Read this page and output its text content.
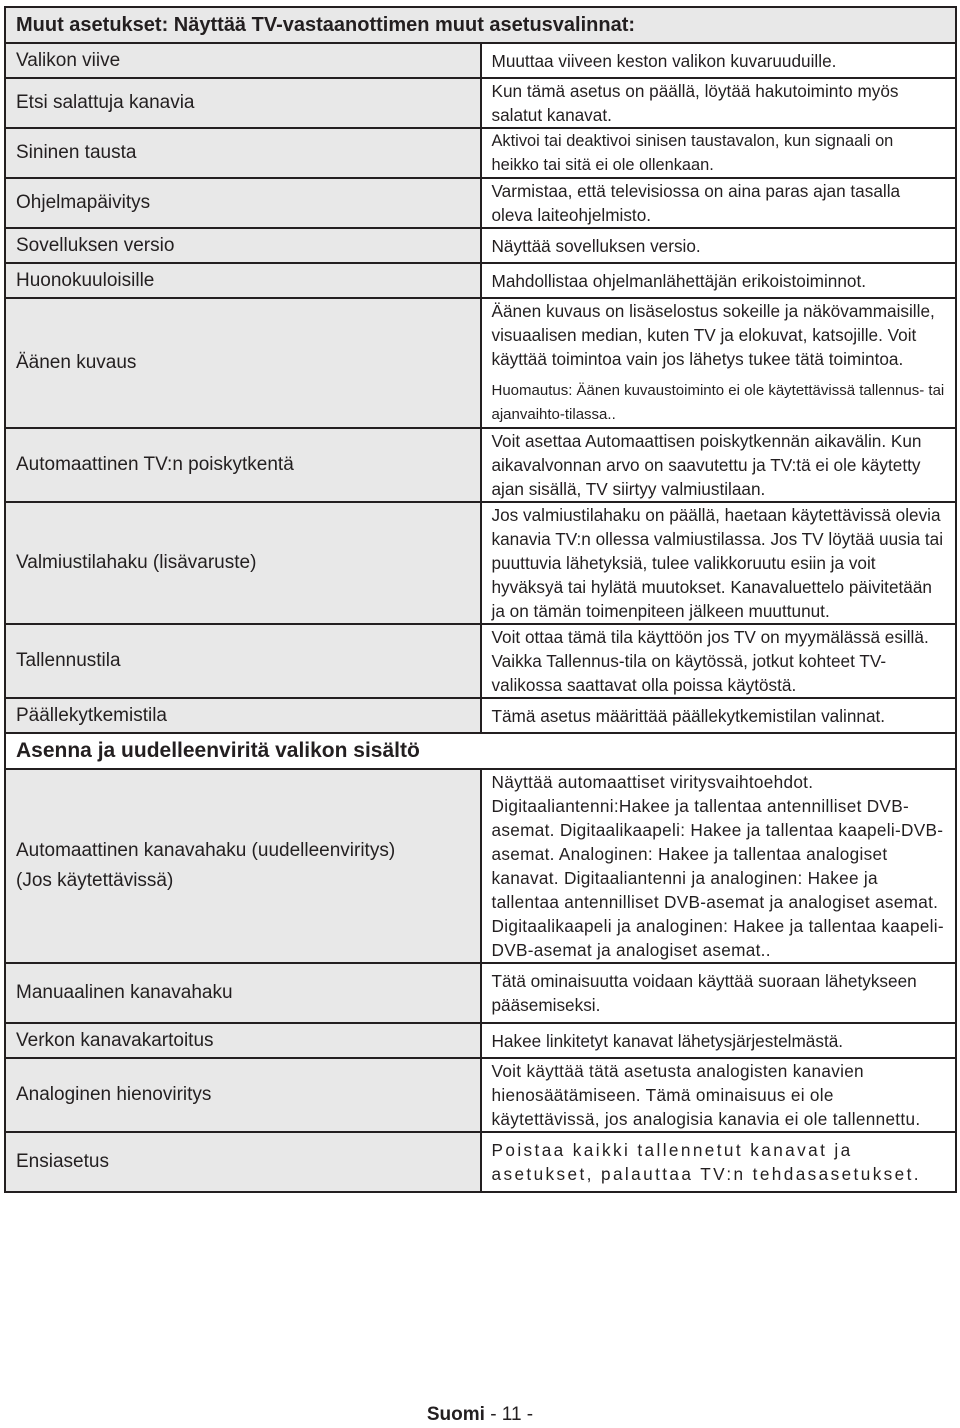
Muut asetukset: Näyttää TV-vastaanottimen muut asetusvalinnat:	
Valikon viive	Muuttaa viiveen keston valikon kuvaruuduille.
Etsi salattuja kanavia	Kun tämä asetus on päällä, löytää hakutoiminto myös salatut kanavat.
Sininen tausta	Aktivoi tai deaktivoi sinisen taustavalon, kun signaali on heikko tai sitä ei ole ollenkaan.
Ohjelmapäivitys	Varmistaa, että televisiossa on aina paras ajan tasalla oleva laiteohjelmisto.
Sovelluksen versio	Näyttää sovelluksen versio.
Huonokuuloisille	Mahdollistaa ohjelmanlähettäjän erikoistoiminnot.
Äänen kuvaus	Äänen kuvaus on lisäselostus sokeille ja näkövammaisille, visuaalisen median, kuten TV ja elokuvat, katsojille. Voit käyttää toimintoa vain jos lähetys tukee tätä toimintoa.
Huomautus: Äänen kuvaustoiminto ei ole käytettävissä tallennus- tai ajanvaihto-tilassa..

Automaattinen TV:n poiskytkentä	Voit asettaa Automaattisen poiskytkennän aikavälin. Kun aikavalvonnan arvo on saavutettu ja TV:tä ei ole käytetty ajan sisällä, TV siirtyy valmiustilaan.
Valmiustilahaku (lisävaruste)	Jos valmiustilahaku on päällä, haetaan käytettävissä olevia kanavia TV:n ollessa valmiustilassa. Jos TV löytää uusia tai puuttuvia lähetyksiä, tulee valikkoruutu esiin ja voit hyväksyä tai hylätä muutokset. Kanavaluettelo päivitetään ja on tämän toimenpiteen jälkeen muuttunut.
Tallennustila	Voit ottaa tämä tila käyttöön jos TV on myymälässä esillä. Vaikka Tallennus-tila on käytössä, jotkut kohteet TV-valikossa saattavat olla poissa käytöstä.
Päällekytkemistila	Tämä asetus määrittää päällekytkemistilan valinnat.
Asenna ja uudelleenviritä valikon sisältö	
Automaattinen kanavahaku (uudelleenviritys)
(Jos käytettävissä)	Näyttää automaattiset viritysvaihtoehdot. Digitaaliantenni:Hakee ja tallentaa antennilliset DVB-asemat. Digitaalikaapeli: Hakee ja tallentaa kaapeli-DVB-asemat. Analoginen: Hakee ja tallentaa analogiset kanavat. Digitaaliantenni ja analoginen: Hakee ja tallentaa antennilliset DVB-asemat ja analogiset asemat. Digitaalikaapeli ja analoginen: Hakee ja tallentaa kaapeli-DVB-asemat ja analogiset asemat..
Manuaalinen kanavahaku	Tätä ominaisuutta voidaan käyttää suoraan lähetykseen pääsemiseksi.
Verkon kanavakartoitus	Hakee linkitetyt kanavat lähetysjärjestelmästä.
Analoginen hienoviritys	Voit käyttää tätä asetusta analogisten kanavien hienosäätämiseen. Tämä ominaisuus ei ole käytettävissä, jos analogisia kanavia ei ole tallennettu.
Ensiasetus	Poistaa kaikki tallennetut kanavat ja asetukset, palauttaa TV:n tehdasasetukset.
Suomi - 11 -
